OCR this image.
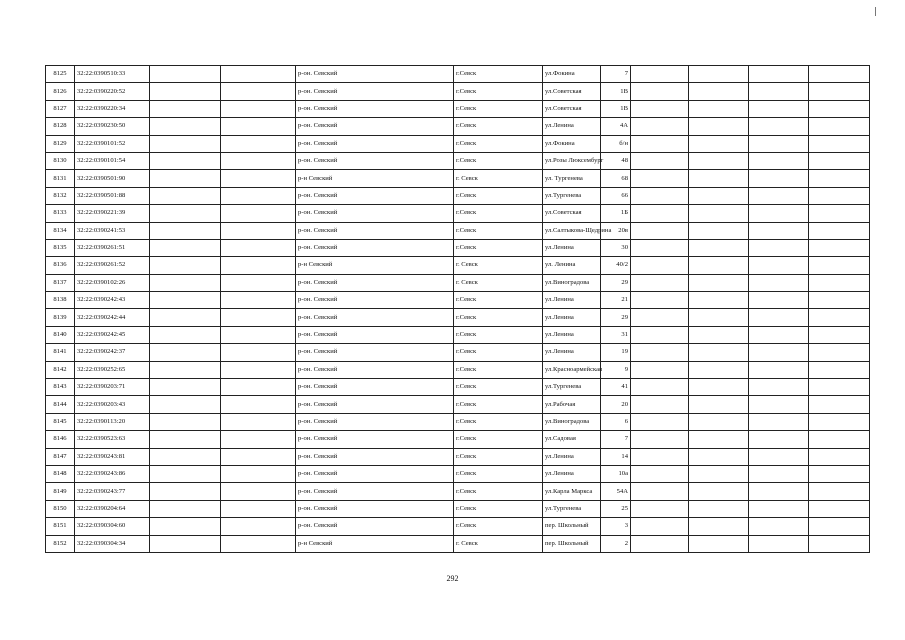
8125	32:22:0390510:33			р-он. Севский	г.Севск	ул.Фокина	7				
8126	32:22:0390220:52			р-он. Севский	г.Севск	ул.Советская	1В				
8127	32:22:0390220:34			р-он. Севский	г.Севск	ул.Советская	1В				
8128	32:22:0390230:50			р-он. Севский	г.Севск	ул.Ленина	4А				
8129	32:22:0390101:52			р-он. Севский	г.Севск	ул.Фокина	б/н				
8130	32:22:0390101:54			р-он. Севский	г.Севск	ул.Розы Люксембург	48				
8131	32:22:0390501:90			р-н Севский	г. Севск	ул. Тургенева	68				
8132	32:22:0390501:88			р-он. Севский	г.Севск	ул.Тургенева	66				
8133	32:22:0390221:39			р-он. Севский	г.Севск	ул.Советская	1Б				
8134	32:22:0390241:53			р-он. Севский	г.Севск	ул.Салтыкова-Щедрина	20в				
8135	32:22:0390261:51			р-он. Севский	г.Севск	ул.Ленина	30				
8136	32:22:0390261:52			р-н Севский	г. Севск	ул. Ленина	40/2				
8137	32:22:0390102:26			р-он. Севский	г. Севск	ул.Виноградова	29				
8138	32:22:0390242:43			р-он. Севский	г.Севск	ул.Ленина	21				
8139	32:22:0390242:44			р-он. Севский	г.Севск	ул.Ленина	29				
8140	32:22:0390242:45			р-он. Севский	г.Севск	ул.Ленина	31				
8141	32:22:0390242:37			р-он. Севский	г.Севск	ул.Ленина	19				
8142	32:22:0390252:65			р-он. Севский	г.Севск	ул.Красноармейская	9				
8143	32:22:0390203:71			р-он. Севский	г.Севск	ул.Тургенева	41				
8144	32:22:0390203:43			р-он. Севский	г.Севск	ул.Рабочая	20				
8145	32:22:0390113:20			р-он. Севский	г.Севск	ул.Виноградова	6				
8146	32:22:0390523:63			р-он. Севский	г.Севск	ул.Садовая	7				
8147	32:22:0390243:81			р-он. Севский	г.Севск	ул.Ленина	14				
8148	32:22:0390243:86			р-он. Севский	г.Севск	ул.Ленина	10а				
8149	32:22:0390243:77			р-он. Севский	г.Севск	ул.Карла Маркса	54А				
8150	32:22:0390204:64			р-он. Севский	г.Севск	ул.Тургенева	25				
8151	32:22:0390304:60			р-он. Севский	г.Севск	пер. Школьный	3				
8152	32:22:0390304:34			р-н Севский	г. Севск	пер. Школьный	2				
292
